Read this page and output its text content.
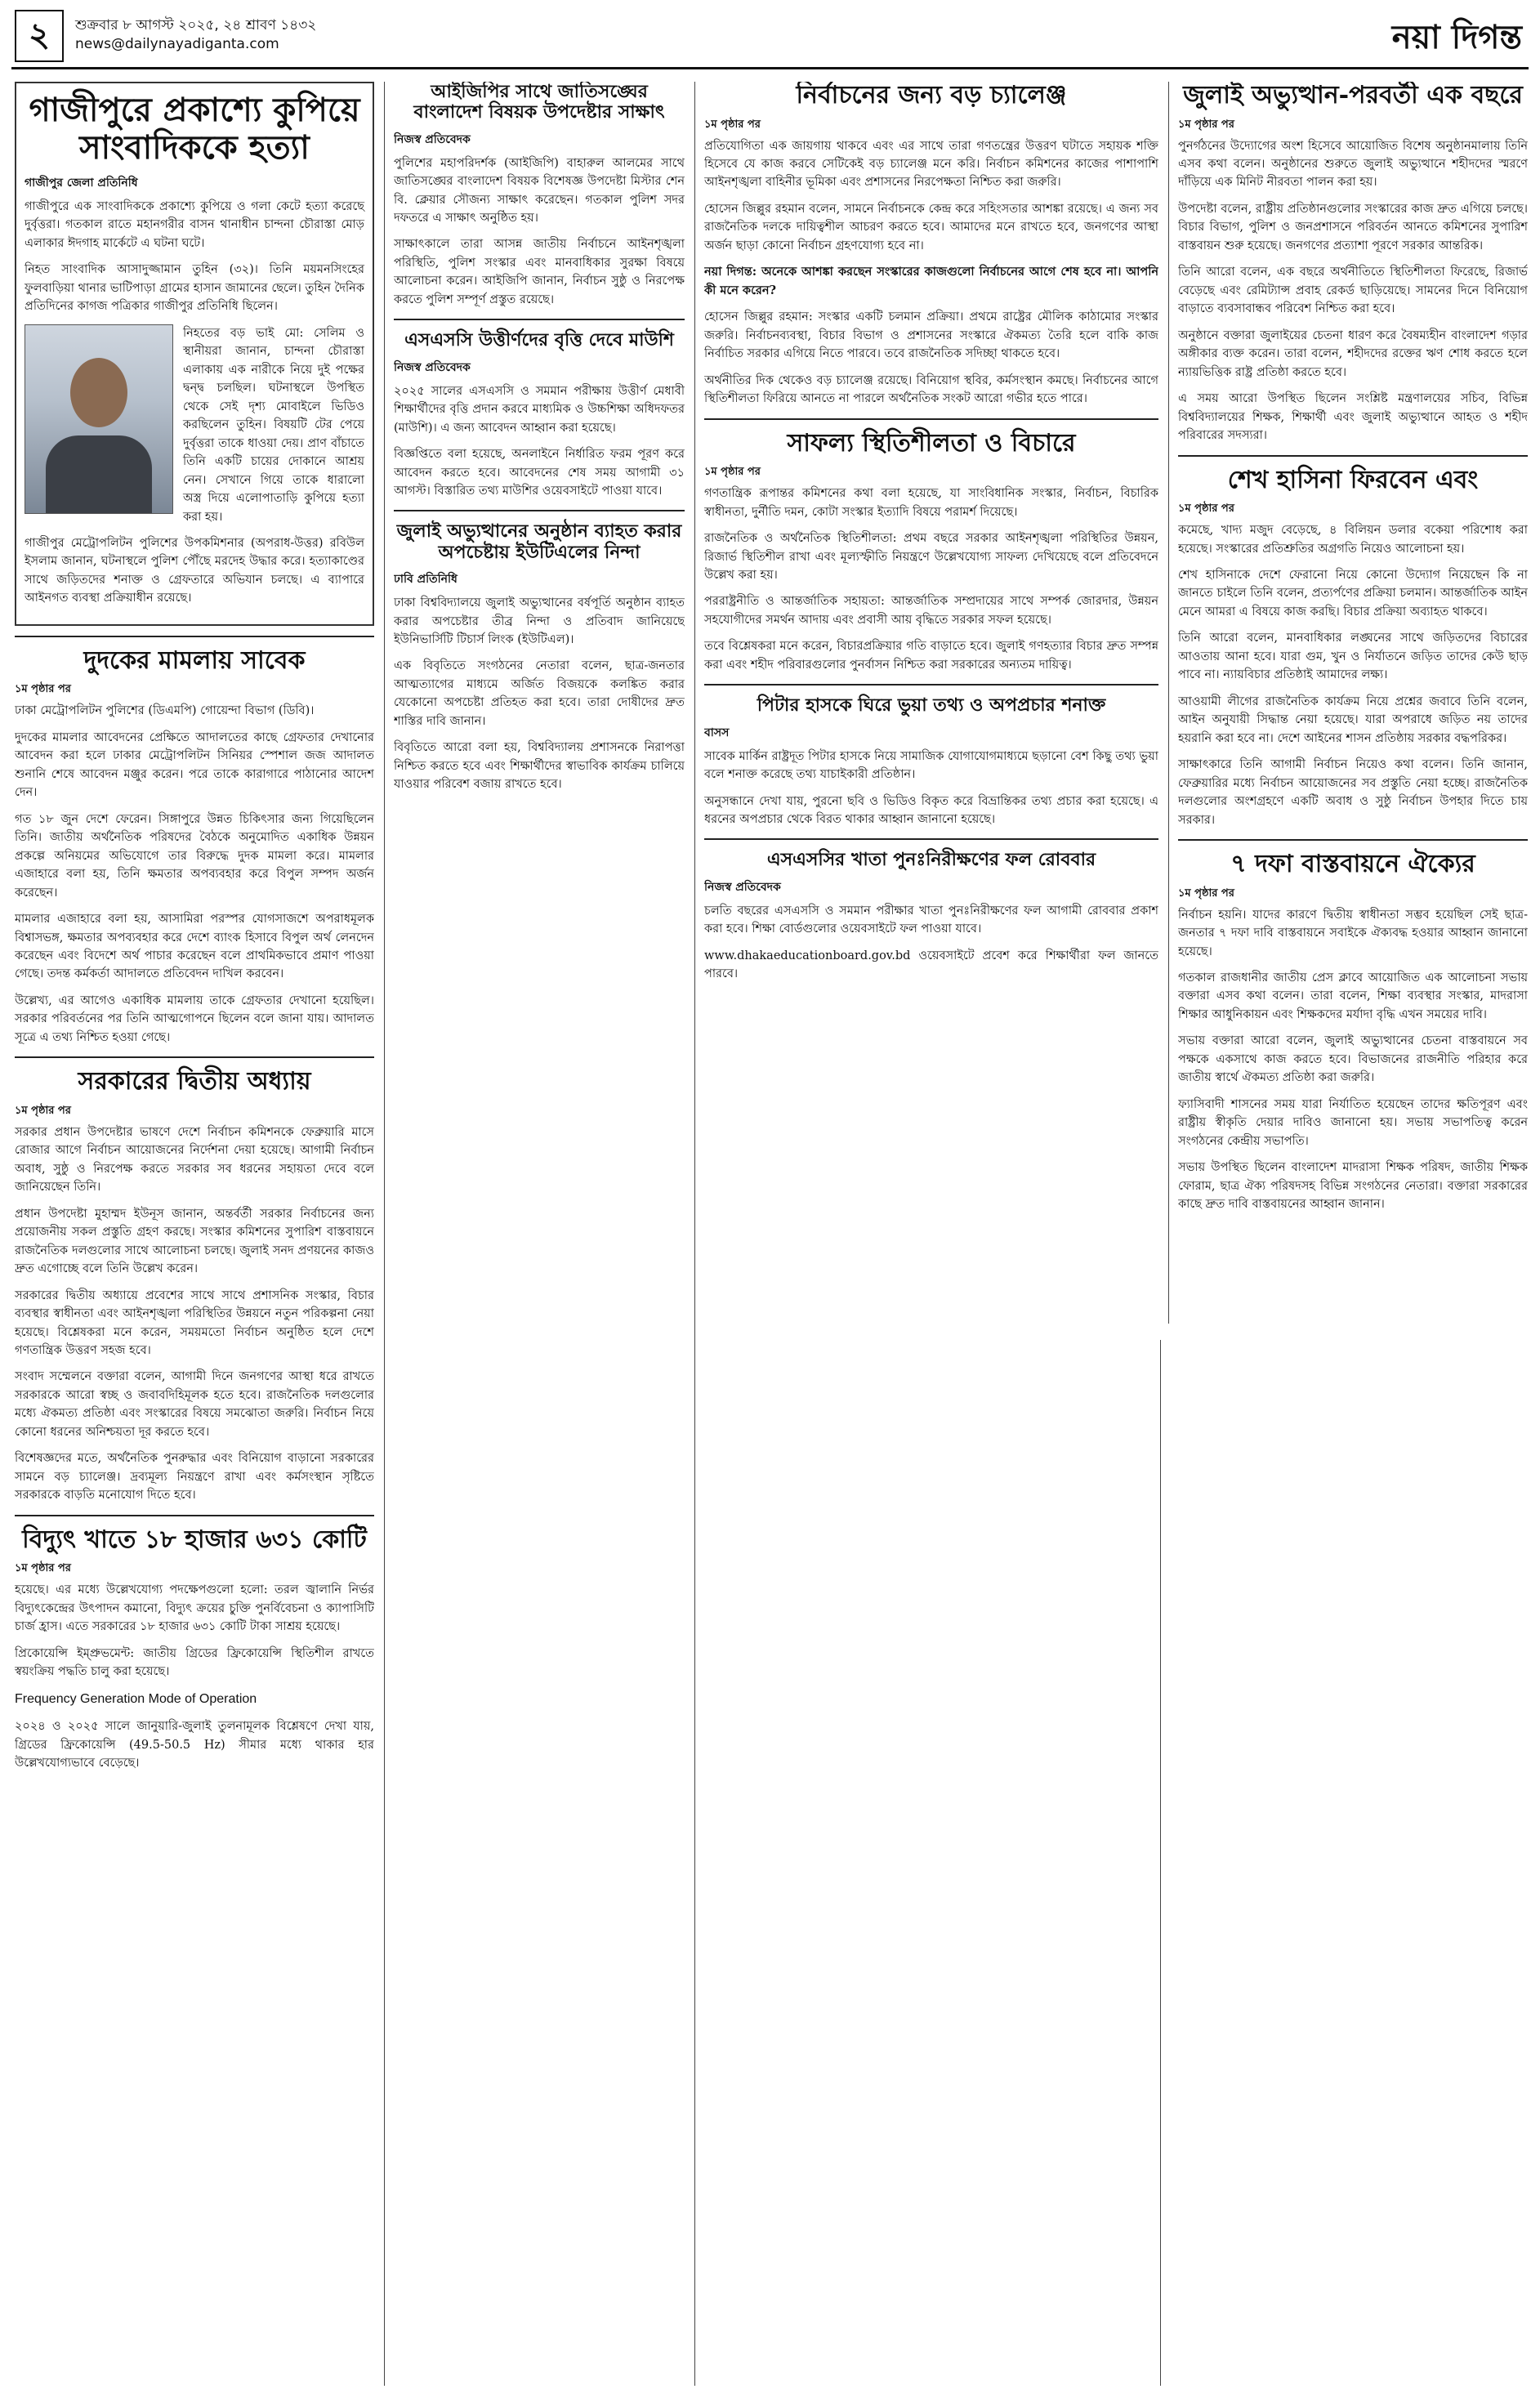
২	শুক্রবার ৮ আগস্ট ২০২৫, ২৪ শ্রাবণ ১৪৩২
news@dailynayadiganta.com	নয়া দিগন্ত
গাজীপুরে প্রকাশ্যে কুপিয়ে সাংবাদিককে হত্যা
গাজীপুর জেলা প্রতিনিধি

গাজীপুরে এক সাংবাদিককে প্রকাশ্যে কুপিয়ে ও গলা কেটে হত্যা করেছে দুর্বৃত্তরা। গতকাল রাতে মহানগরীর বাসন থানাধীন চান্দনা চৌরাস্তা মোড় এলাকার ঈদগাহ মার্কেটে এ ঘটনা ঘটে।

নিহত সাংবাদিক আসাদুজ্জামান তুহিন (৩২)। তিনি ময়মনসিংহের ফুলবাড়িয়া থানার ভাটিপাড়া গ্রামের হাসান জামানের ছেলে। তুহিন দৈনিক প্রতিদিনের কাগজ পত্রিকার গাজীপুর প্রতিনিধি ছিলেন।

নিহতের বড় ভাই মো: সেলিম ও স্থানীয়রা জানান, চান্দনা চৌরাস্তা এলাকায় এক নারীকে নিয়ে দুই পক্ষের দ্বন্দ্ব চলছিল। ঘটনাস্থলে উপস্থিত থেকে সেই দৃশ্য মোবাইলে ভিডিও করছিলেন তুহিন। বিষয়টি টের পেয়ে দুর্বৃত্তরা তাকে ধাওয়া দেয়। প্রাণ বাঁচাতে তিনি একটি চায়ের দোকানে আশ্রয় নেন। সেখানে গিয়ে তাকে ধারালো অস্ত্র দিয়ে এলোপাতাড়ি কুপিয়ে হত্যা করা হয়।

গাজীপুর মেট্রোপলিটন পুলিশের উপকমিশনার (অপরাধ-উত্তর) রবিউল ইসলাম জানান, ঘটনাস্থলে পুলিশ পৌঁছে মরদেহ উদ্ধার করে। হত্যাকাণ্ডের সাথে জড়িতদের শনাক্ত ও গ্রেফতারে অভিযান চলছে। এ ব্যাপারে আইনগত ব্যবস্থা প্রক্রিয়াধীন রয়েছে।

দুদকের মামলায় সাবেক
১ম পৃষ্ঠার পর

ঢাকা মেট্রোপলিটন পুলিশের (ডিএমপি) গোয়েন্দা বিভাগ (ডিবি)।

দুদকের মামলার আবেদনের প্রেক্ষিতে আদালতের কাছে গ্রেফতার দেখানোর আবেদন করা হলে ঢাকার মেট্রোপলিটন সিনিয়র স্পেশাল জজ আদালত শুনানি শেষে আবেদন মঞ্জুর করেন। পরে তাকে কারাগারে পাঠানোর আদেশ দেন।

গত ১৮ জুন দেশে ফেরেন। সিঙ্গাপুরে উন্নত চিকিৎসার জন্য গিয়েছিলেন তিনি। জাতীয় অর্থনৈতিক পরিষদের বৈঠকে অনুমোদিত একাধিক উন্নয়ন প্রকল্পে অনিয়মের অভিযোগে তার বিরুদ্ধে দুদক মামলা করে। মামলার এজাহারে বলা হয়, তিনি ক্ষমতার অপব্যবহার করে বিপুল সম্পদ অর্জন করেছেন।

মামলার এজাহারে বলা হয়, আসামিরা পরস্পর যোগসাজশে অপরাধমূলক বিশ্বাসভঙ্গ, ক্ষমতার অপব্যবহার করে দেশে ব্যাংক হিসাবে বিপুল অর্থ লেনদেন করেছেন এবং বিদেশে অর্থ পাচার করেছেন বলে প্রাথমিকভাবে প্রমাণ পাওয়া গেছে। তদন্ত কর্মকর্তা আদালতে প্রতিবেদন দাখিল করবেন।

উল্লেখ্য, এর আগেও একাধিক মামলায় তাকে গ্রেফতার দেখানো হয়েছিল। সরকার পরিবর্তনের পর তিনি আত্মগোপনে ছিলেন বলে জানা যায়। আদালত সূত্রে এ তথ্য নিশ্চিত হওয়া গেছে।

সরকারের দ্বিতীয় অধ্যায়
১ম পৃষ্ঠার পর

সরকার প্রধান উপদেষ্টার ভাষণে দেশে নির্বাচন কমিশনকে ফেব্রুয়ারি মাসে রোজার আগে নির্বাচন আয়োজনের নির্দেশনা দেয়া হয়েছে। আগামী নির্বাচন অবাধ, সুষ্ঠু ও নিরপেক্ষ করতে সরকার সব ধরনের সহায়তা দেবে বলে জানিয়েছেন তিনি।

প্রধান উপদেষ্টা মুহাম্মদ ইউনূস জানান, অন্তর্বর্তী সরকার নির্বাচনের জন্য প্রয়োজনীয় সকল প্রস্তুতি গ্রহণ করছে। সংস্কার কমিশনের সুপারিশ বাস্তবায়নে রাজনৈতিক দলগুলোর সাথে আলোচনা চলছে। জুলাই সনদ প্রণয়নের কাজও দ্রুত এগোচ্ছে বলে তিনি উল্লেখ করেন।

সরকারের দ্বিতীয় অধ্যায়ে প্রবেশের সাথে সাথে প্রশাসনিক সংস্কার, বিচার ব্যবস্থার স্বাধীনতা এবং আইনশৃঙ্খলা পরিস্থিতির উন্নয়নে নতুন পরিকল্পনা নেয়া হয়েছে। বিশ্লেষকরা মনে করেন, সময়মতো নির্বাচন অনুষ্ঠিত হলে দেশে গণতান্ত্রিক উত্তরণ সহজ হবে।

সংবাদ সম্মেলনে বক্তারা বলেন, আগামী দিনে জনগণের আস্থা ধরে রাখতে সরকারকে আরো স্বচ্ছ ও জবাবদিহিমূলক হতে হবে। রাজনৈতিক দলগুলোর মধ্যে ঐকমত্য প্রতিষ্ঠা এবং সংস্কারের বিষয়ে সমঝোতা জরুরি। নির্বাচন নিয়ে কোনো ধরনের অনিশ্চয়তা দূর করতে হবে।

বিশেষজ্ঞদের মতে, অর্থনৈতিক পুনরুদ্ধার এবং বিনিয়োগ বাড়ানো সরকারের সামনে বড় চ্যালেঞ্জ। দ্রব্যমূল্য নিয়ন্ত্রণে রাখা এবং কর্মসংস্থান সৃষ্টিতে সরকারকে বাড়তি মনোযোগ দিতে হবে।

বিদ্যুৎ খাতে ১৮ হাজার ৬৩১ কোটি
১ম পৃষ্ঠার পর

হয়েছে। এর মধ্যে উল্লেখযোগ্য পদক্ষেপগুলো হলো: তরল জ্বালানি নির্ভর বিদ্যুৎকেন্দ্রের উৎপাদন কমানো, বিদ্যুৎ ক্রয়ের চুক্তি পুনর্বিবেচনা ও ক্যাপাসিটি চার্জ হ্রাস। এতে সরকারের ১৮ হাজার ৬৩১ কোটি টাকা সাশ্রয় হয়েছে।

প্রিকোয়েন্সি ইম্প্রুভমেন্ট: জাতীয় গ্রিডের ফ্রিকোয়েন্সি স্থিতিশীল রাখতে স্বয়ংক্রিয় পদ্ধতি চালু করা হয়েছে।

Frequency Generation Mode of Operation

২০২৪ ও ২০২৫ সালে জানুয়ারি-জুলাই তুলনামূলক বিশ্লেষণে দেখা যায়, গ্রিডের ফ্রিকোয়েন্সি (49.5-50.5 Hz) সীমার মধ্যে থাকার হার উল্লেখযোগ্যভাবে বেড়েছে।

আইজিপির সাথে জাতিসঙ্ঘের বাংলাদেশ বিষয়ক উপদেষ্টার সাক্ষাৎ
নিজস্ব প্রতিবেদক

পুলিশের মহাপরিদর্শক (আইজিপি) বাহারুল আলমের সাথে জাতিসঙ্ঘের বাংলাদেশ বিষয়ক বিশেষজ্ঞ উপদেষ্টা মিস্টার শেন বি. ক্লেয়ার সৌজন্য সাক্ষাৎ করেছেন। গতকাল পুলিশ সদর দফতরে এ সাক্ষাৎ অনুষ্ঠিত হয়।

সাক্ষাৎকালে তারা আসন্ন জাতীয় নির্বাচনে আইনশৃঙ্খলা পরিস্থিতি, পুলিশ সংস্কার এবং মানবাধিকার সুরক্ষা বিষয়ে আলোচনা করেন। আইজিপি জানান, নির্বাচন সুষ্ঠু ও নিরপেক্ষ করতে পুলিশ সম্পূর্ণ প্রস্তুত রয়েছে।

এসএসসি উত্তীর্ণদের বৃত্তি দেবে মাউশি
নিজস্ব প্রতিবেদক

২০২৫ সালের এসএসসি ও সমমান পরীক্ষায় উত্তীর্ণ মেধাবী শিক্ষার্থীদের বৃত্তি প্রদান করবে মাধ্যমিক ও উচ্চশিক্ষা অধিদফতর (মাউশি)। এ জন্য আবেদন আহ্বান করা হয়েছে।

বিজ্ঞপ্তিতে বলা হয়েছে, অনলাইনে নির্ধারিত ফরম পূরণ করে আবেদন করতে হবে। আবেদনের শেষ সময় আগামী ৩১ আগস্ট। বিস্তারিত তথ্য মাউশির ওয়েবসাইটে পাওয়া যাবে।

জুলাই অভ্যুত্থানের অনুষ্ঠান ব্যাহত করার অপচেষ্টায় ইউটিএলের নিন্দা
ঢাবি প্রতিনিধি

ঢাকা বিশ্ববিদ্যালয়ে জুলাই অভ্যুত্থানের বর্ষপূর্তি অনুষ্ঠান ব্যাহত করার অপচেষ্টার তীব্র নিন্দা ও প্রতিবাদ জানিয়েছে ইউনিভার্সিটি টিচার্স লিংক (ইউটিএল)।

এক বিবৃতিতে সংগঠনের নেতারা বলেন, ছাত্র-জনতার আত্মত্যাগের মাধ্যমে অর্জিত বিজয়কে কলঙ্কিত করার যেকোনো অপচেষ্টা প্রতিহত করা হবে। তারা দোষীদের দ্রুত শাস্তির দাবি জানান।

বিবৃতিতে আরো বলা হয়, বিশ্ববিদ্যালয় প্রশাসনকে নিরাপত্তা নিশ্চিত করতে হবে এবং শিক্ষার্থীদের স্বাভাবিক কার্যক্রম চালিয়ে যাওয়ার পরিবেশ বজায় রাখতে হবে।

নির্বাচনের জন্য বড় চ্যালেঞ্জ
১ম পৃষ্ঠার পর

প্রতিযোগিতা এক জায়গায় থাকবে এবং এর সাথে তারা গণতন্ত্রের উত্তরণ ঘটাতে সহায়ক শক্তি হিসেবে যে কাজ করবে সেটিকেই বড় চ্যালেঞ্জ মনে করি। নির্বাচন কমিশনের কাজের পাশাপাশি আইনশৃঙ্খলা বাহিনীর ভূমিকা এবং প্রশাসনের নিরপেক্ষতা নিশ্চিত করা জরুরি।

হোসেন জিল্লুর রহমান বলেন, সামনে নির্বাচনকে কেন্দ্র করে সহিংসতার আশঙ্কা রয়েছে। এ জন্য সব রাজনৈতিক দলকে দায়িত্বশীল আচরণ করতে হবে। আমাদের মনে রাখতে হবে, জনগণের আস্থা অর্জন ছাড়া কোনো নির্বাচন গ্রহণযোগ্য হবে না।

নয়া দিগন্ত: অনেকে আশঙ্কা করছেন সংস্কারের কাজগুলো নির্বাচনের আগে শেষ হবে না। আপনি কী মনে করেন?

হোসেন জিল্লুর রহমান: সংস্কার একটি চলমান প্রক্রিয়া। প্রথমে রাষ্ট্রের মৌলিক কাঠামোর সংস্কার জরুরি। নির্বাচনব্যবস্থা, বিচার বিভাগ ও প্রশাসনের সংস্কারে ঐকমত্য তৈরি হলে বাকি কাজ নির্বাচিত সরকার এগিয়ে নিতে পারবে। তবে রাজনৈতিক সদিচ্ছা থাকতে হবে।

অর্থনীতির দিক থেকেও বড় চ্যালেঞ্জ রয়েছে। বিনিয়োগ স্থবির, কর্মসংস্থান কমছে। নির্বাচনের আগে স্থিতিশীলতা ফিরিয়ে আনতে না পারলে অর্থনৈতিক সংকট আরো গভীর হতে পারে।

সাফল্য স্থিতিশীলতা ও বিচারে
১ম পৃষ্ঠার পর

গণতান্ত্রিক রূপান্তর কমিশনের কথা বলা হয়েছে, যা সাংবিধানিক সংস্কার, নির্বাচন, বিচারিক স্বাধীনতা, দুর্নীতি দমন, কোটা সংস্কার ইত্যাদি বিষয়ে পরামর্শ দিয়েছে।

রাজনৈতিক ও অর্থনৈতিক স্থিতিশীলতা: প্রথম বছরে সরকার আইনশৃঙ্খলা পরিস্থিতির উন্নয়ন, রিজার্ভ স্থিতিশীল রাখা এবং মূল্যস্ফীতি নিয়ন্ত্রণে উল্লেখযোগ্য সাফল্য দেখিয়েছে বলে প্রতিবেদনে উল্লেখ করা হয়।

পররাষ্ট্রনীতি ও আন্তর্জাতিক সহায়তা: আন্তর্জাতিক সম্প্রদায়ের সাথে সম্পর্ক জোরদার, উন্নয়ন সহযোগীদের সমর্থন আদায় এবং প্রবাসী আয় বৃদ্ধিতে সরকার সফল হয়েছে।

তবে বিশ্লেষকরা মনে করেন, বিচারপ্রক্রিয়ার গতি বাড়াতে হবে। জুলাই গণহত্যার বিচার দ্রুত সম্পন্ন করা এবং শহীদ পরিবারগুলোর পুনর্বাসন নিশ্চিত করা সরকারের অন্যতম দায়িত্ব।

পিটার হাসকে ঘিরে ভুয়া তথ্য ও অপপ্রচার শনাক্ত
বাসস

সাবেক মার্কিন রাষ্ট্রদূত পিটার হাসকে নিয়ে সামাজিক যোগাযোগমাধ্যমে ছড়ানো বেশ কিছু তথ্য ভুয়া বলে শনাক্ত করেছে তথ্য যাচাইকারী প্রতিষ্ঠান।

অনুসন্ধানে দেখা যায়, পুরনো ছবি ও ভিডিও বিকৃত করে বিভ্রান্তিকর তথ্য প্রচার করা হয়েছে। এ ধরনের অপপ্রচার থেকে বিরত থাকার আহ্বান জানানো হয়েছে।

এসএসসির খাতা পুনঃনিরীক্ষণের ফল রোববার
নিজস্ব প্রতিবেদক

চলতি বছরের এসএসসি ও সমমান পরীক্ষার খাতা পুনঃনিরীক্ষণের ফল আগামী রোববার প্রকাশ করা হবে। শিক্ষা বোর্ডগুলোর ওয়েবসাইটে ফল পাওয়া যাবে।

www.dhakaeducationboard.gov.bd ওয়েবসাইটে প্রবেশ করে শিক্ষার্থীরা ফল জানতে পারবে।

জুলাই অভ্যুত্থান-পরবর্তী এক বছরে
১ম পৃষ্ঠার পর

পুনর্গঠনের উদ্যোগের অংশ হিসেবে আয়োজিত বিশেষ অনুষ্ঠানমালায় তিনি এসব কথা বলেন। অনুষ্ঠানের শুরুতে জুলাই অভ্যুত্থানে শহীদদের স্মরণে দাঁড়িয়ে এক মিনিট নীরবতা পালন করা হয়।

উপদেষ্টা বলেন, রাষ্ট্রীয় প্রতিষ্ঠানগুলোর সংস্কারের কাজ দ্রুত এগিয়ে চলছে। বিচার বিভাগ, পুলিশ ও জনপ্রশাসনে পরিবর্তন আনতে কমিশনের সুপারিশ বাস্তবায়ন শুরু হয়েছে। জনগণের প্রত্যাশা পূরণে সরকার আন্তরিক।

তিনি আরো বলেন, এক বছরে অর্থনীতিতে স্থিতিশীলতা ফিরেছে, রিজার্ভ বেড়েছে এবং রেমিট্যান্স প্রবাহ রেকর্ড ছাড়িয়েছে। সামনের দিনে বিনিয়োগ বাড়াতে ব্যবসাবান্ধব পরিবেশ নিশ্চিত করা হবে।

অনুষ্ঠানে বক্তারা জুলাইয়ের চেতনা ধারণ করে বৈষম্যহীন বাংলাদেশ গড়ার অঙ্গীকার ব্যক্ত করেন। তারা বলেন, শহীদদের রক্তের ঋণ শোধ করতে হলে ন্যায়ভিত্তিক রাষ্ট্র প্রতিষ্ঠা করতে হবে।

এ সময় আরো উপস্থিত ছিলেন সংশ্লিষ্ট মন্ত্রণালয়ের সচিব, বিভিন্ন বিশ্ববিদ্যালয়ের শিক্ষক, শিক্ষার্থী এবং জুলাই অভ্যুত্থানে আহত ও শহীদ পরিবারের সদস্যরা।

শেখ হাসিনা ফিরবেন এবং
১ম পৃষ্ঠার পর

কমেছে, খাদ্য মজুদ বেড়েছে, ৪ বিলিয়ন ডলার বকেয়া পরিশোধ করা হয়েছে। সংস্কারের প্রতিশ্রুতির অগ্রগতি নিয়েও আলোচনা হয়।

শেখ হাসিনাকে দেশে ফেরানো নিয়ে কোনো উদ্যোগ নিয়েছেন কি না জানতে চাইলে তিনি বলেন, প্রত্যর্পণের প্রক্রিয়া চলমান। আন্তর্জাতিক আইন মেনে আমরা এ বিষয়ে কাজ করছি। বিচার প্রক্রিয়া অব্যাহত থাকবে।

তিনি আরো বলেন, মানবাধিকার লঙ্ঘনের সাথে জড়িতদের বিচারের আওতায় আনা হবে। যারা গুম, খুন ও নির্যাতনে জড়িত তাদের কেউ ছাড় পাবে না। ন্যায়বিচার প্রতিষ্ঠাই আমাদের লক্ষ্য।

আওয়ামী লীগের রাজনৈতিক কার্যক্রম নিয়ে প্রশ্নের জবাবে তিনি বলেন, আইন অনুযায়ী সিদ্ধান্ত নেয়া হয়েছে। যারা অপরাধে জড়িত নয় তাদের হয়রানি করা হবে না। দেশে আইনের শাসন প্রতিষ্ঠায় সরকার বদ্ধপরিকর।

সাক্ষাৎকারে তিনি আগামী নির্বাচন নিয়েও কথা বলেন। তিনি জানান, ফেব্রুয়ারির মধ্যে নির্বাচন আয়োজনের সব প্রস্তুতি নেয়া হচ্ছে। রাজনৈতিক দলগুলোর অংশগ্রহণে একটি অবাধ ও সুষ্ঠু নির্বাচন উপহার দিতে চায় সরকার।

৭ দফা বাস্তবায়নে ঐক্যের
১ম পৃষ্ঠার পর

নির্বাচন হয়নি। যাদের কারণে দ্বিতীয় স্বাধীনতা সম্ভব হয়েছিল সেই ছাত্র-জনতার ৭ দফা দাবি বাস্তবায়নে সবাইকে ঐক্যবদ্ধ হওয়ার আহ্বান জানানো হয়েছে।

গতকাল রাজধানীর জাতীয় প্রেস ক্লাবে আয়োজিত এক আলোচনা সভায় বক্তারা এসব কথা বলেন। তারা বলেন, শিক্ষা ব্যবস্থার সংস্কার, মাদরাসা শিক্ষার আধুনিকায়ন এবং শিক্ষকদের মর্যাদা বৃদ্ধি এখন সময়ের দাবি।

সভায় বক্তারা আরো বলেন, জুলাই অভ্যুত্থানের চেতনা বাস্তবায়নে সব পক্ষকে একসাথে কাজ করতে হবে। বিভাজনের রাজনীতি পরিহার করে জাতীয় স্বার্থে ঐকমত্য প্রতিষ্ঠা করা জরুরি।

ফ্যাসিবাদী শাসনের সময় যারা নির্যাতিত হয়েছেন তাদের ক্ষতিপূরণ এবং রাষ্ট্রীয় স্বীকৃতি দেয়ার দাবিও জানানো হয়। সভায় সভাপতিত্ব করেন সংগঠনের কেন্দ্রীয় সভাপতি।

সভায় উপস্থিত ছিলেন বাংলাদেশ মাদরাসা শিক্ষক পরিষদ, জাতীয় শিক্ষক ফোরাম, ছাত্র ঐক্য পরিষদসহ বিভিন্ন সংগঠনের নেতারা। বক্তারা সরকারের কাছে দ্রুত দাবি বাস্তবায়নের আহ্বান জানান।
